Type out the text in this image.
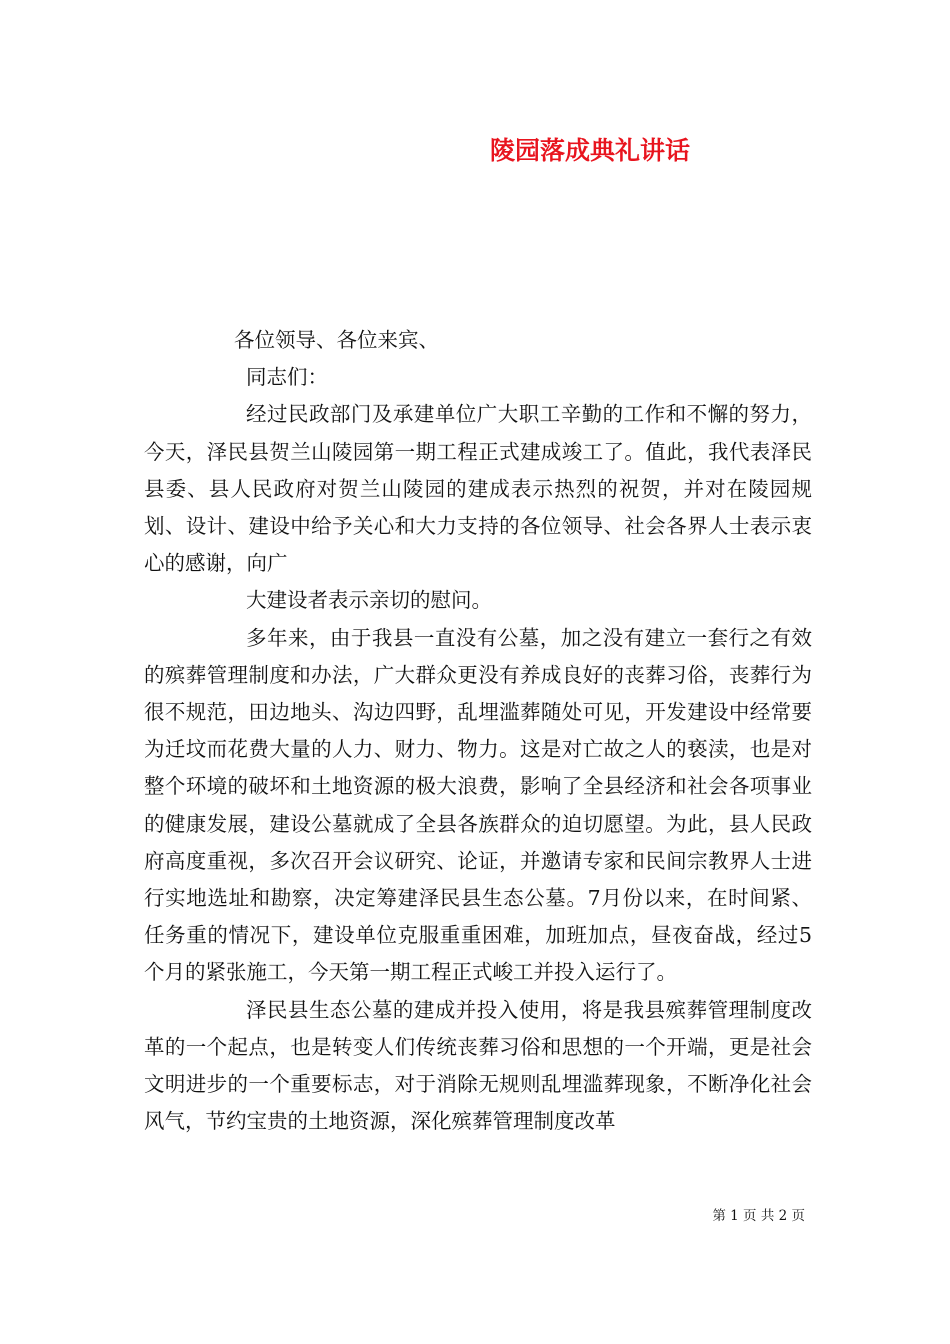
陵园落成典礼讲话

各位领导、各位来宾、

同志们：

经过民政部门及承建单位广大职工辛勤的工作和不懈的努力，今天，泽民县贺兰山陵园第一期工程正式建成竣工了。值此，我代表泽民县委、县人民政府对贺兰山陵园的建成表示热烈的祝贺，并对在陵园规划、设计、建设中给予关心和大力支持的各位领导、社会各界人士表示衷心的感谢，向广

大建设者表示亲切的慰问。

多年来，由于我县一直没有公墓，加之没有建立一套行之有效的殡葬管理制度和办法，广大群众更没有养成良好的丧葬习俗，丧葬行为很不规范，田边地头、沟边四野，乱埋滥葬随处可见，开发建设中经常要为迁坟而花费大量的人力、财力、物力。这是对亡故之人的亵渎，也是对整个环境的破坏和土地资源的极大浪费，影响了全县经济和社会各项事业的健康发展，建设公墓就成了全县各族群众的迫切愿望。为此，县人民政府高度重视，多次召开会议研究、论证，并邀请专家和民间宗教界人士进行实地选址和勘察，决定筹建泽民县生态公墓。7月份以来，在时间紧、任务重的情况下，建设单位克服重重困难，加班加点，昼夜奋战，经过5个月的紧张施工，今天第一期工程正式峻工并投入运行了。

泽民县生态公墓的建成并投入使用，将是我县殡葬管理制度改革的一个起点，也是转变人们传统丧葬习俗和思想的一个开端，更是社会文明进步的一个重要标志，对于消除无规则乱埋滥葬现象，不断净化社会风气，节约宝贵的土地资源，深化殡葬管理制度改革

第 1 页 共 2 页
